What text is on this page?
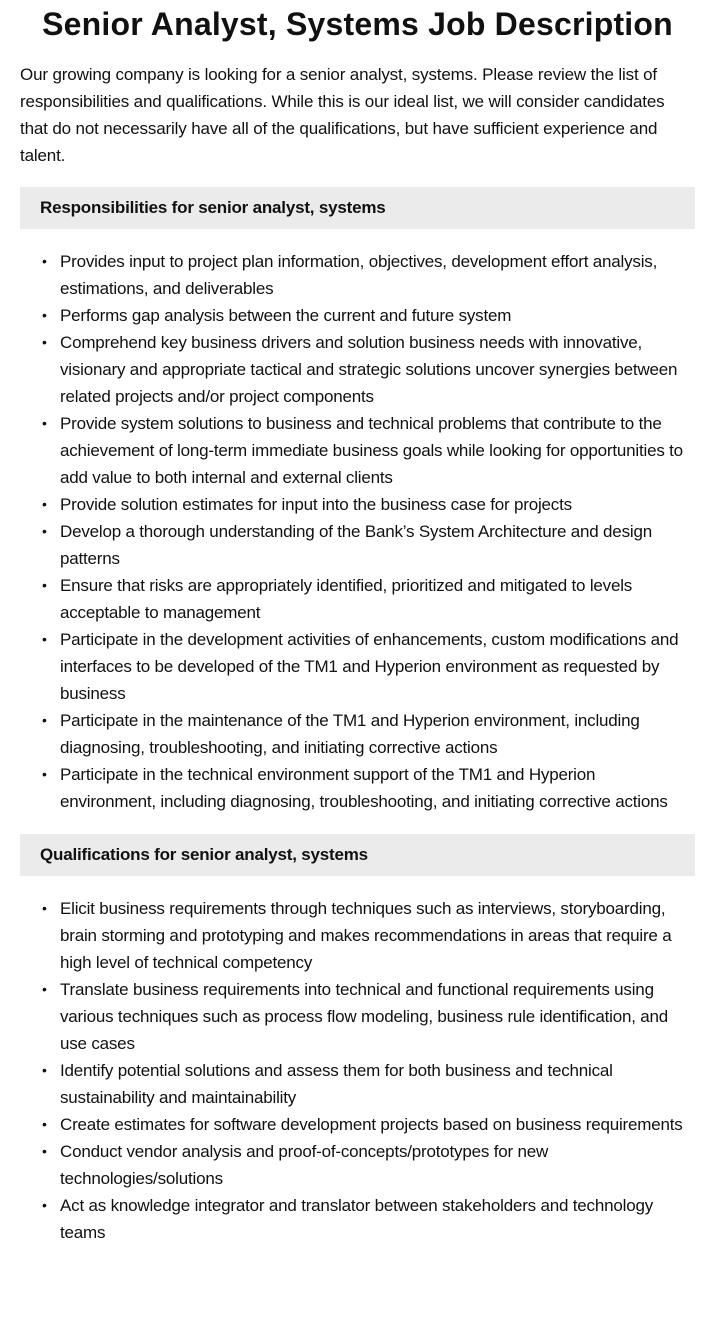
Senior Analyst, Systems Job Description

Our growing company is looking for a senior analyst, systems. Please review the list of responsibilities and qualifications. While this is our ideal list, we will consider candidates that do not necessarily have all of the qualifications, but have sufficient experience and talent.

Responsibilities for senior analyst, systems
• Provides input to project plan information, objectives, development effort analysis, estimations, and deliverables
• Performs gap analysis between the current and future system
• Comprehend key business drivers and solution business needs with innovative, visionary and appropriate tactical and strategic solutions uncover synergies between related projects and/or project components
• Provide system solutions to business and technical problems that contribute to the achievement of long-term immediate business goals while looking for opportunities to add value to both internal and external clients
• Provide solution estimates for input into the business case for projects
• Develop a thorough understanding of the Bank’s System Architecture and design patterns
• Ensure that risks are appropriately identified, prioritized and mitigated to levels acceptable to management
• Participate in the development activities of enhancements, custom modifications and interfaces to be developed of the TM1 and Hyperion environment as requested by business
• Participate in the maintenance of the TM1 and Hyperion environment, including diagnosing, troubleshooting, and initiating corrective actions
• Participate in the technical environment support of the TM1 and Hyperion environment, including diagnosing, troubleshooting, and initiating corrective actions
Qualifications for senior analyst, systems
• Elicit business requirements through techniques such as interviews, storyboarding, brain storming and prototyping and makes recommendations in areas that require a high level of technical competency
• Translate business requirements into technical and functional requirements using various techniques such as process flow modeling, business rule identification, and use cases
• Identify potential solutions and assess them for both business and technical sustainability and maintainability
• Create estimates for software development projects based on business requirements
• Conduct vendor analysis and proof-of-concepts/prototypes for new technologies/solutions
• Act as knowledge integrator and translator between stakeholders and technology teams
